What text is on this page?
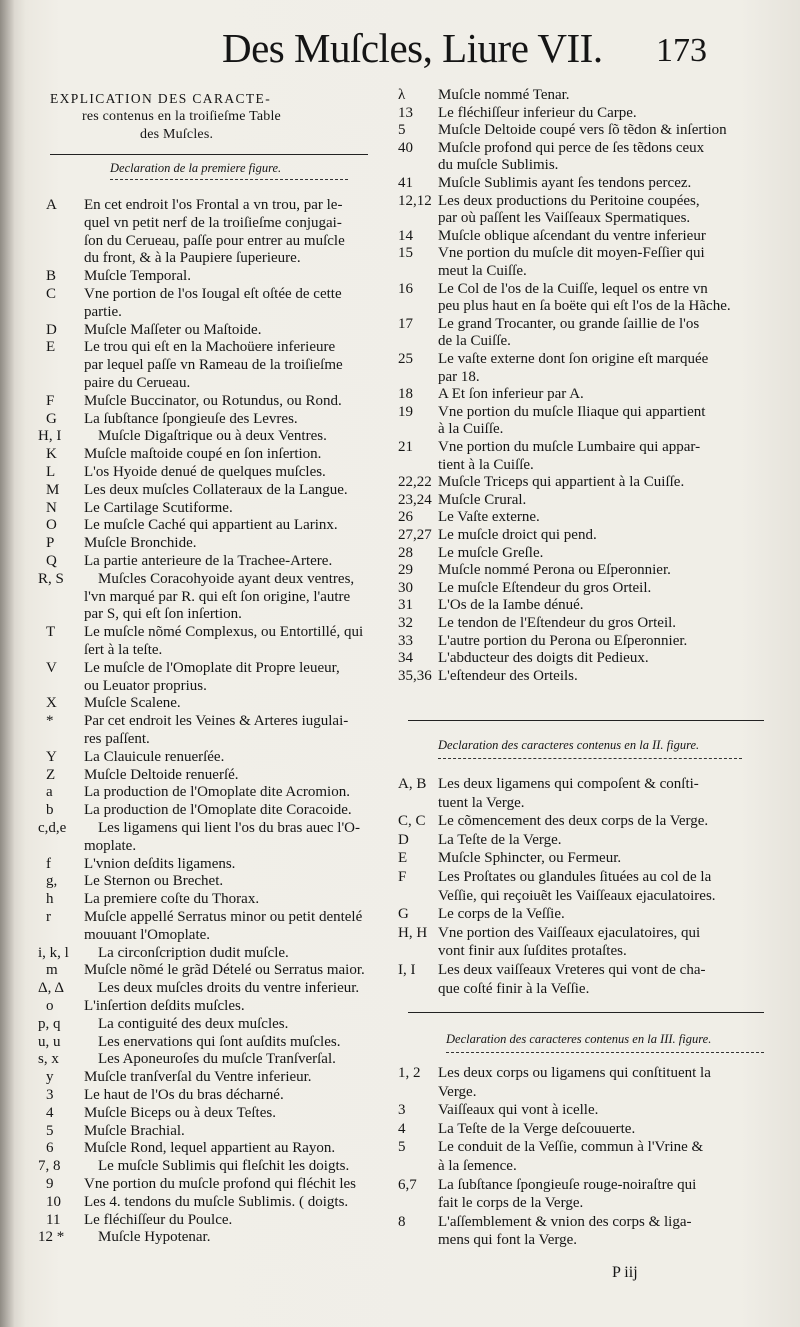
Des Muſcles, Liure VII. 173
EXPLICATION DES CARACTE-
res contenus en la troiſieſme Table
des Muſcles.
Declaration de la premiere figure.
A En cet endroit l'os Frontal a vn trou, par le-
quel vn petit nerf de la troiſieſme conjugai-
ſon du Cerueau, paſſe pour entrer au muſcle
du front, & à la Paupiere ſuperieure.
B Muſcle Temporal.
C Vne portion de l'os Iougal eſt oſtée de cette
partie.
D Muſcle Maſſeter ou Maſtoide.
E Le trou qui eſt en la Machoüere inferieure
par lequel paſſe vn Rameau de la troiſieſme
paire du Cerueau.
F Muſcle Buccinator, ou Rotundus, ou Rond.
G La ſubſtance ſpongieuſe des Levres.
H, I Muſcle Digaſtrique ou à deux Ventres.
K Muſcle maſtoide coupé en ſon inſertion.
L L'os Hyoide denué de quelques muſcles.
M Les deux muſcles Collateraux de la Langue.
N Le Cartilage Scutiforme.
O Le muſcle Caché qui appartient au Larinx.
P Muſcle Bronchide.
Q La partie anterieure de la Trachee-Artere.
R, S Muſcles Coracohyoide ayant deux ventres,
l'vn marqué par R. qui eſt ſon origine, l'autre
par S, qui eſt ſon inſertion.
T Le muſcle nõmé Complexus, ou Entortillé, qui
ſert à la teſte.
V Le muſcle de l'Omoplate dit Propre leueur,
ou Leuator proprius.
X Muſcle Scalene.
* Par cet endroit les Veines & Arteres iugulai-
res paſſent.
Y La Clauicule renuerſée.
Z Muſcle Deltoide renuerſé.
a La production de l'Omoplate dite Acromion.
b La production de l'Omoplate dite Coracoide.
c,d,e Les ligamens qui lient l'os du bras auec l'O-
moplate.
f L'vnion deſdits ligamens.
g, Le Sternon ou Brechet.
h La premiere coſte du Thorax.
r Muſcle appellé Serratus minor ou petit dentelé
mouuant l'Omoplate.
i, k, l La circonſcription dudit muſcle.
m Muſcle nõmé le grãd Dételé ou Serratus maior.
Δ, Δ Les deux muſcles droits du ventre inferieur.
o L'inſertion deſdits muſcles.
p, q	La contiguité des deux muſcles.
u, u	Les enervations qui ſont auſdits muſcles.
s, x	Les Aponeuroſes du muſcle Tranſverſal.
y Muſcle tranſverſal du Ventre inferieur.
3 Le haut de l'Os du bras décharné.
4 Muſcle Biceps ou à deux Teſtes.
5 Muſcle Brachial.
6 Muſcle Rond, lequel appartient au Rayon.
7, 8	Le muſcle Sublimis qui fleſchit les doigts.
9 Vne portion du muſcle profond qui fléchit les
10 Les 4. tendons du muſcle Sublimis. ( doigts.
11 Le fléchiſſeur du Poulce.
12 * Muſcle Hypotenar.
λ Muſcle nommé Tenar.
13 Le fléchiſſeur inferieur du Carpe.
5 Muſcle Deltoide coupé vers ſõ tẽdon & inſertion
40 Muſcle profond qui perce de ſes tẽdons ceux
du muſcle Sublimis.
41 Muſcle Sublimis ayant ſes tendons percez.
12,12 Les deux productions du Peritoine coupées,
par où paſſent les Vaiſſeaux Spermatiques.
14 Muſcle oblique aſcendant du ventre inferieur
15 Vne portion du muſcle dit moyen-Feſſier qui
meut la Cuiſſe.
16 Le Col de l'os de la Cuiſſe, lequel os entre vn
peu plus haut en ſa boëte qui eſt l'os de la Hãche.
17 Le grand Trocanter, ou grande ſaillie de l'os
de la Cuiſſe.
25 Le vaſte externe dont ſon origine eſt marquée
par 18.
18 A Et ſon inferieur par A.
19 Vne portion du muſcle Iliaque qui appartient
à la Cuiſſe.
21 Vne portion du muſcle Lumbaire qui appar-
tient à la Cuiſſe.
22,22 Muſcle Triceps qui appartient à la Cuiſſe.
23,24 Muſcle Crural.
26 Le Vaſte externe.
27,27 Le muſcle droict qui pend.
28 Le muſcle Greſle.
29 Muſcle nommé Perona ou Eſperonnier.
30 Le muſcle Eſtendeur du gros Orteil.
31 L'Os de la Iambe dénué.
32 Le tendon de l'Eſtendeur du gros Orteil.
33 L'autre portion du Perona ou Eſperonnier.
34 L'abducteur des doigts dit Pedieux.
35,36 L'eſtendeur des Orteils.
Declaration des caracteres contenus en la II. figure.
A, B Les deux ligamens qui compoſent & conſti-
tuent la Verge.
C, C Le cõmencement des deux corps de la Verge.
D La Teſte de la Verge.
E Muſcle Sphincter, ou Fermeur.
F Les Proſtates ou glandules ſituées au col de la
Veſſie, qui reçoiuẽt les Vaiſſeaux ejaculatoires.
G Le corps de la Veſſie.
H, H Vne portion des Vaiſſeaux ejaculatoires, qui
vont finir aux ſuſdites protaſtes.
I, I Les deux vaiſſeaux Vreteres qui vont de cha-
que coſté finir à la Veſſie.
Declaration des caracteres contenus en la III. figure.
1, 2 Les deux corps ou ligamens qui conſtituent la
Verge.
3 Vaiſſeaux qui vont à icelle.
4 La Teſte de la Verge deſcouuerte.
5 Le conduit de la Veſſie, commun à l'Vrine &
à la ſemence.
6,7 La ſubſtance ſpongieuſe rouge-noiraſtre qui
fait le corps de la Verge.
8 L'aſſemblement & vnion des corps & liga-
mens qui font la Verge.
P iij
